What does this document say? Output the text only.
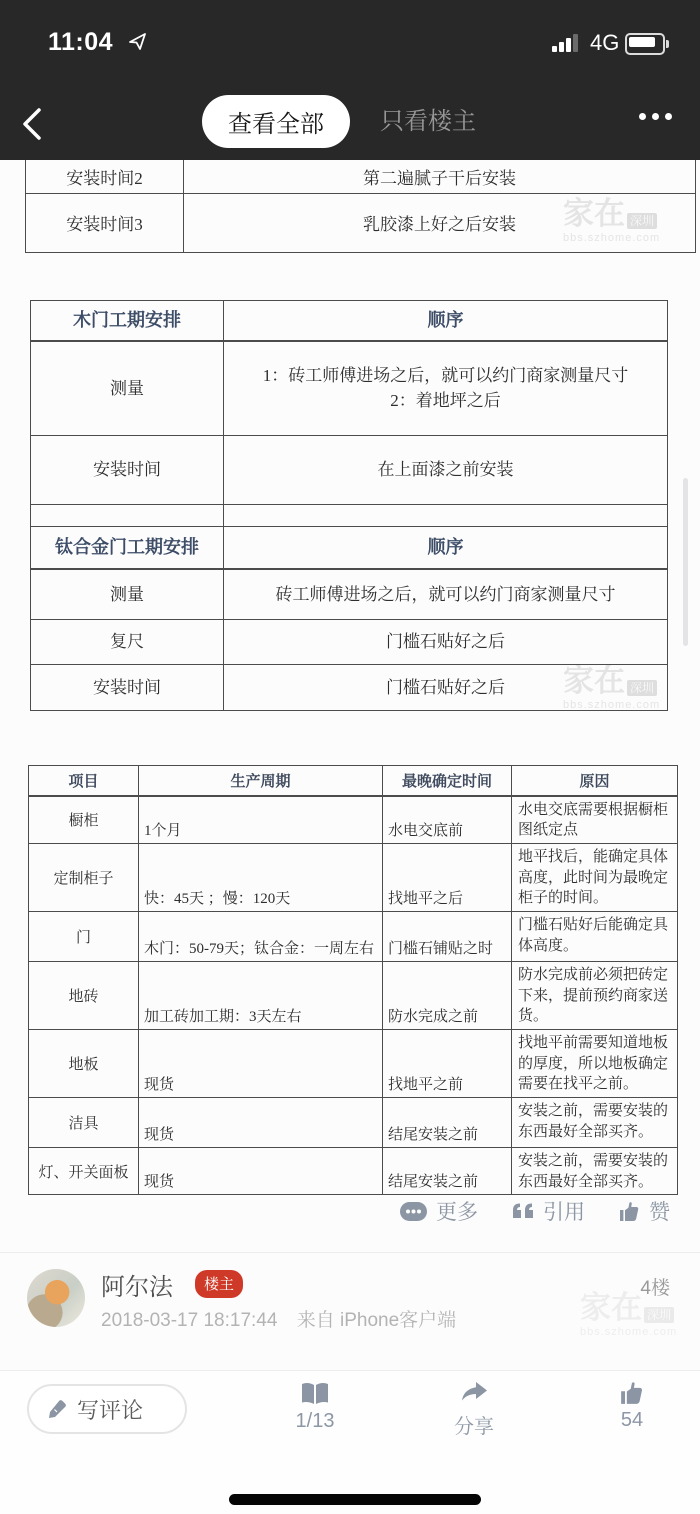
11:04	4G
查看全部	只看楼主
家在 深圳
bbs.szhome.com
家在 深圳
bbs.szhome.com
安装时间2	第二遍腻子干后安装
安装时间3	乳胶漆上好之后安装
木门工期安排	顺序
测量	1：砖工师傅进场之后，就可以约门商家测量尺寸
2：着地坪之后

安装时间	在上面漆之前安装

钛合金门工期安排	顺序
测量	砖工师傅进场之后，就可以约门商家测量尺寸
复尺	门槛石贴好之后
安装时间	门槛石贴好之后
项目	生产周期	最晚确定时间	原因
橱柜	1个月	水电交底前	水电交底需要根据橱柜图纸定点
定制柜子	快：45天 ；慢：120天	找地平之后	地平找后，能确定具体高度，此时间为最晚定柜子的时间。
门	木门：50-79天；钛合金：一周左右	门槛石铺贴之时	门槛石贴好后能确定具体高度。
地砖	加工砖加工期：3天左右	防水完成之前	防水完成前必须把砖定下来，提前预约商家送货。
地板	现货	找地平之前	找地平前需要知道地板的厚度，所以地板确定需要在找平之前。
洁具	现货	结尾安装之前	安装之前，需要安装的东西最好全部买齐。
灯、开关面板	现货	结尾安装之前	安装之前，需要安装的东西最好全部买齐。
更多	引用	赞
阿尔法	楼主	4楼
2018-03-17 18:17:44 来自 iPhone客户端
写评论	1/13	分享	54
深圳
